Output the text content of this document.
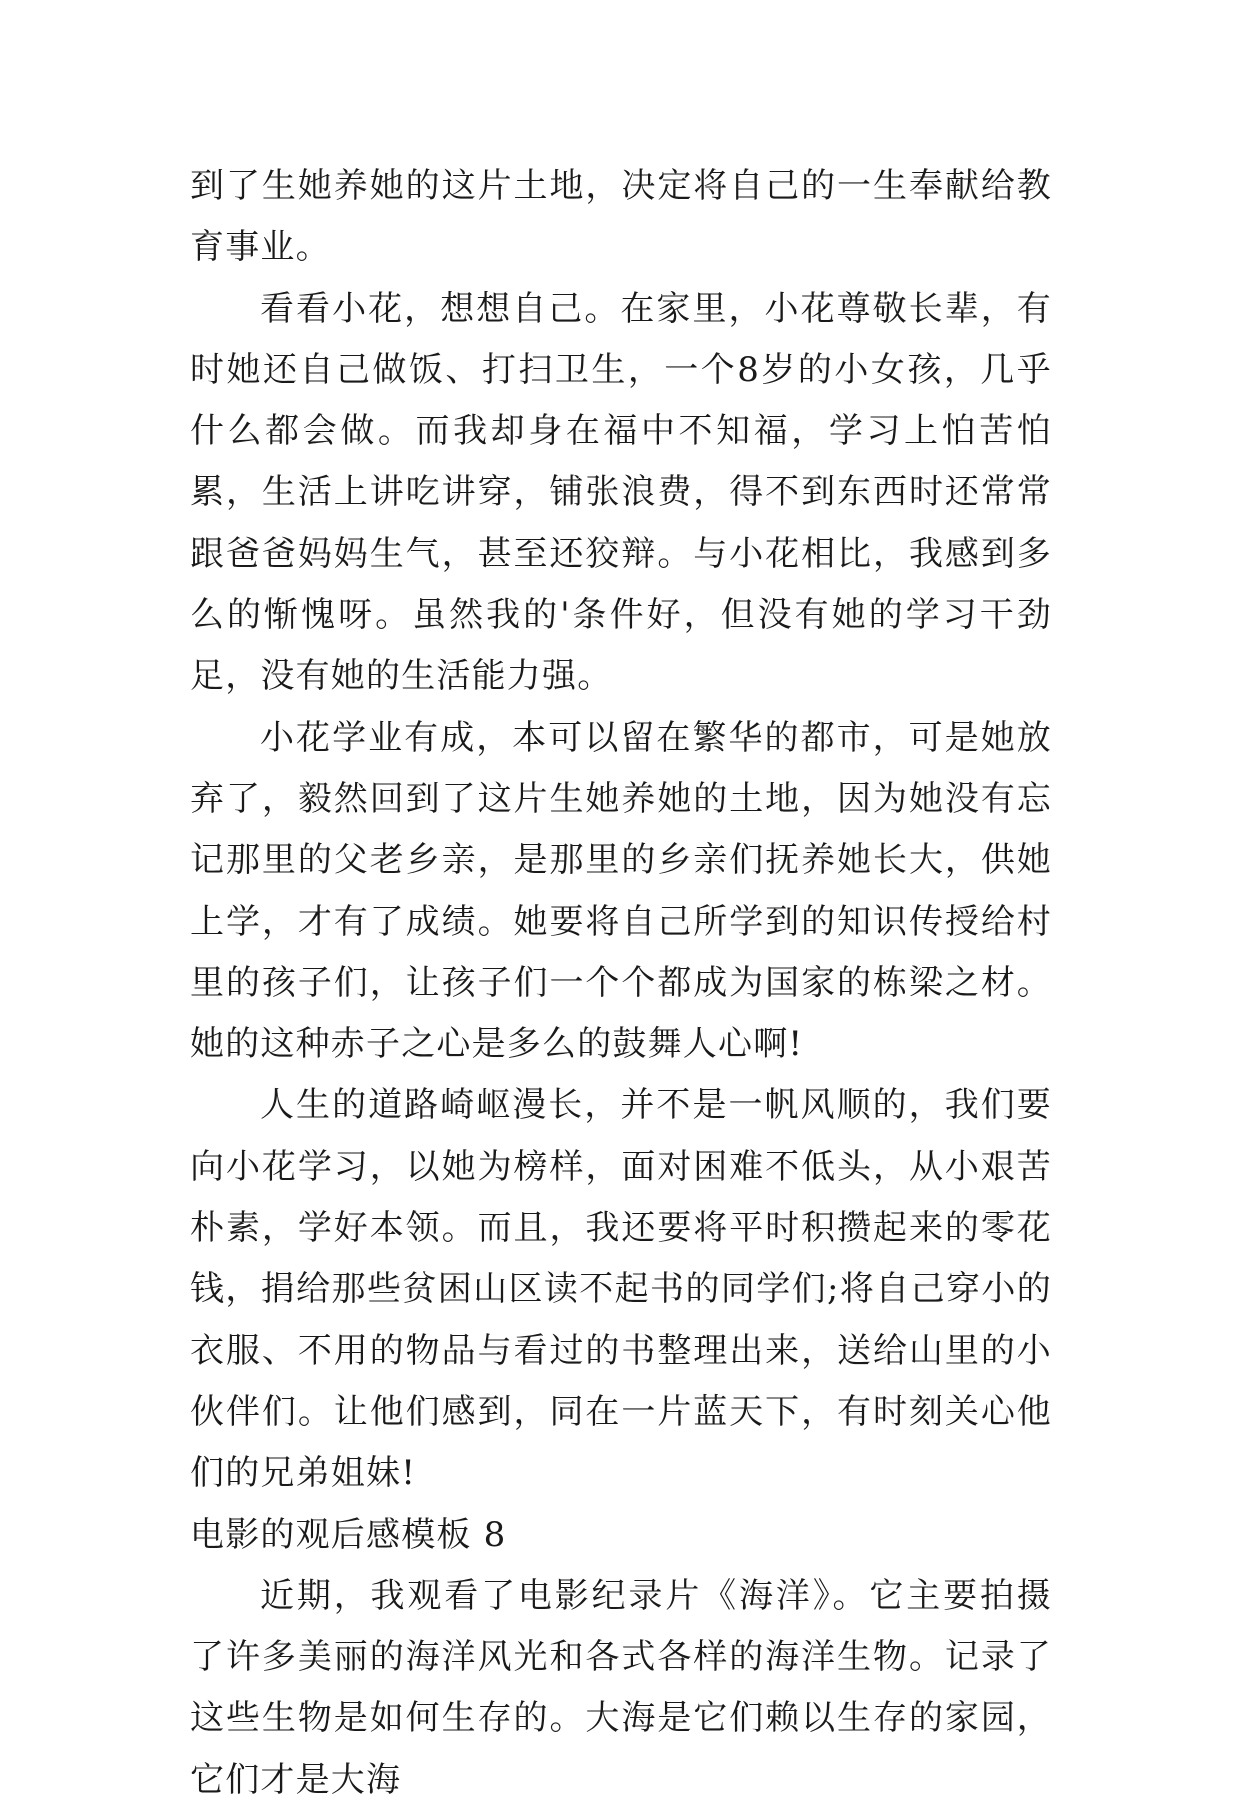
到了生她养她的这片土地，决定将自己的一生奉献给教育事业。

看看小花，想想自己。在家里，小花尊敬长辈，有时她还自己做饭、打扫卫生，一个8岁的小女孩，几乎什么都会做。而我却身在福中不知福，学习上怕苦怕累，生活上讲吃讲穿，铺张浪费，得不到东西时还常常跟爸爸妈妈生气，甚至还狡辩。与小花相比，我感到多么的惭愧呀。虽然我的'条件好，但没有她的学习干劲足，没有她的生活能力强。

小花学业有成，本可以留在繁华的都市，可是她放弃了，毅然回到了这片生她养她的土地，因为她没有忘记那里的父老乡亲，是那里的乡亲们抚养她长大，供她上学，才有了成绩。她要将自己所学到的知识传授给村里的孩子们，让孩子们一个个都成为国家的栋梁之材。她的这种赤子之心是多么的鼓舞人心啊!

人生的道路崎岖漫长，并不是一帆风顺的，我们要向小花学习，以她为榜样，面对困难不低头，从小艰苦朴素，学好本领。而且，我还要将平时积攒起来的零花钱，捐给那些贫困山区读不起书的同学们;将自己穿小的衣服、不用的物品与看过的书整理出来，送给山里的小伙伴们。让他们感到，同在一片蓝天下，有时刻关心他们的兄弟姐妹!

电影的观后感模板 8

近期，我观看了电影纪录片《海洋》。它主要拍摄了许多美丽的海洋风光和各式各样的海洋生物。记录了这些生物是如何生存的。大海是它们赖以生存的家园，它们才是大海
